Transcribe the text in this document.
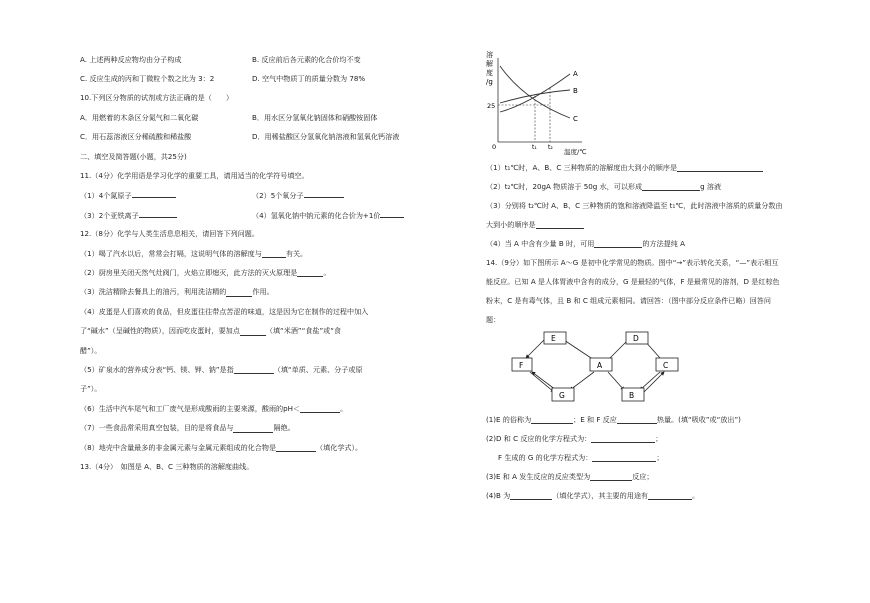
A. 上述两种反应物均由分子构成	B. 反应前后各元素的化合价均不变
C. 反应生成的丙和丁微粒个数之比为 3：2	D. 空气中物质丁的质量分数为 78%
10.下列区分物质的试剂或方法正确的是（　　）
A．用燃着的木条区分氮气和二氧化碳	B．用水区分氢氧化钠固体和硝酸铵固体
C．用石蕊溶液区分稀硫酸和稀盐酸	D．用稀盐酸区分氢氧化钠溶液和氢氧化钙溶液
二、填空及简答题(小题，共25分)
11.（4分）化学用语是学习化学的重要工具，请用适当的化学符号填空。
（1）4个氮原子	（2）5个氧分子
（3）2个亚铁离子	（4）氢氧化钠中钠元素的化合价为+1价
12.（8分）化学与人类生活息息相关，请回答下列问题。
（1）喝了汽水以后，常常会打嗝，这说明气体的溶解度与	有关。
（2）厨房里关闭天然气灶阀门，火焰立即熄灭，此方法的灭火原理是	。
（3）洗洁精除去餐具上的油污，利用洗洁精的	作用。
（4）皮蛋是人们喜欢的食品，但皮蛋往往带点苦涩的味道，这是因为它在制作的过程中加入
了“碱水”（呈碱性的物质），因而吃皮蛋时，要加点	（填“米酒”“食盐”或“食
醋”）。
（5）矿泉水的营养成分表“钙、镁、钾、钠”是指	（填“单质、元素、分子或原
子”）。
（6）生活中汽车尾气和工厂废气是形成酸雨的主要来源，酸雨的pH＜	。
（7）一些食品常采用真空包装，目的是将食品与	隔绝。
（8）地壳中含量最多的非金属元素与金属元素组成的化合物是	（填化学式）。
13.（4分）　如图是 A、B、C 三种物质的溶解度曲线。
溶
解
度
/g
25
0	t₁ t₂
温度/℃
A
B
C
（1）t₁℃时，A、B、C 三种物质的溶解度由大到小的顺序是
（2）t₂℃时，20gA 物质溶于 50g 水，可以形成	g 溶液
（3）分别将 t₂℃时 A、B、C 三种物质的饱和溶液降温至 t₁℃，此时溶液中溶质的质量分数由
大到小的顺序是
（4）当 A 中含有少量 B 时，可用	的方法提纯 A
14.（9分）如下图所示 A～G 是初中化学常见的物质。图中“→”表示转化关系，“—”表示相互
能反应。已知 A 是人体胃液中含有的成分，G 是最轻的气体，F 是最常见的溶剂，D 是红棕色
粉末，C 是有毒气体，且 B 和 C 组成元素相同。请回答：（图中部分反应条件已略）回答问
题：
E	D
F	A	C
G	B
(1)E 的俗称为	；E 和 F 反应	热量。(填“吸收”或“放出”)
(2)D 和 C 反应的化学方程式为：	；
F 生成的 G 的化学方程式为：	；
(3)E 和 A 发生反应的反应类型为	反应；
(4)B 为	（填化学式），其主要的用途有	。
